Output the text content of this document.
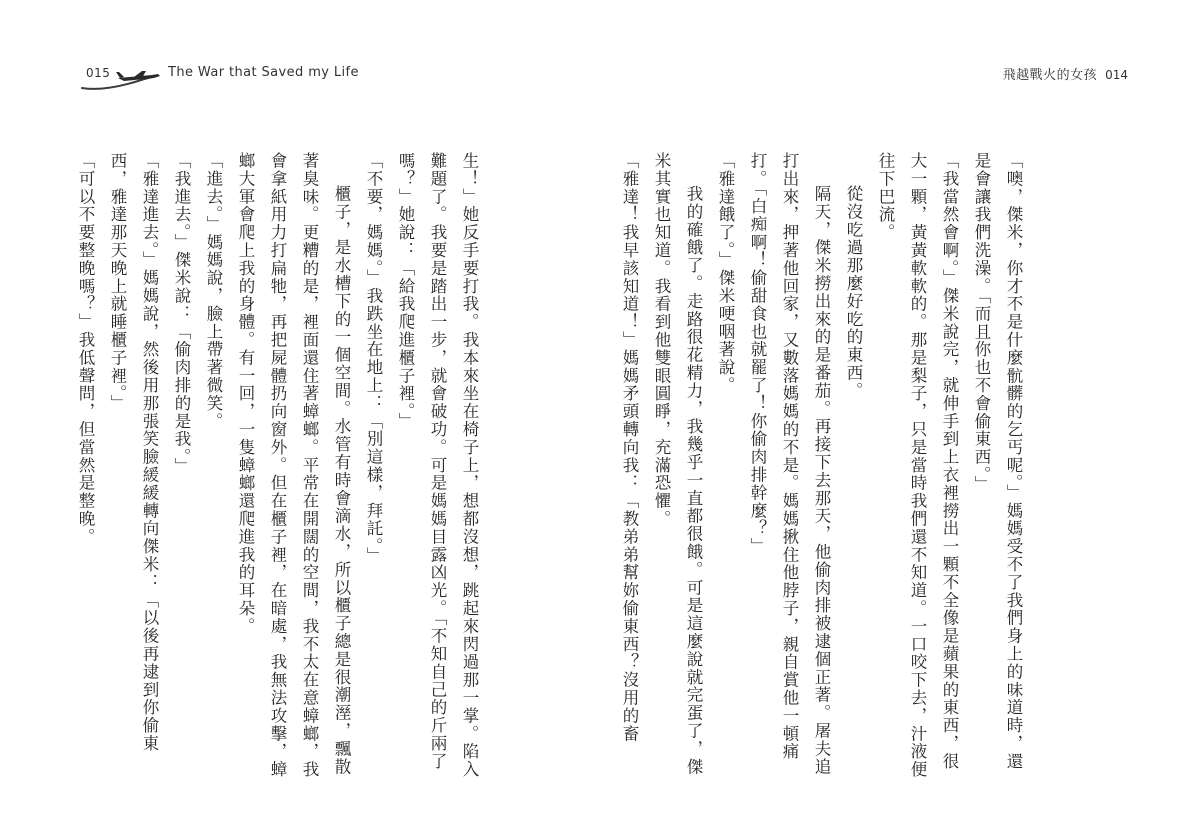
015	The War that Saved my Life	飛越戰火的女孩 014

「噢，傑米，你才不是什麼骯髒的乞丐呢。」媽媽受不了我們身上的味道時，還是會讓我們洗澡。「而且你也不會偷東西。」

「我當然會啊。」傑米說完，就伸手到上衣裡撈出一顆不全像是蘋果的東西，很大一顆，黃黃軟軟的。那是梨子，只是當時我們還不知道。一口咬下去，汁液便往下巴流。

從沒吃過那麼好吃的東西。

隔天，傑米撈出來的是番茄。再接下去那天，他偷肉排被逮個正著。屠夫追打出來，押著他回家，又數落媽媽的不是。媽媽揪住他脖子，親自賞他一頓痛打。「白痴啊！偷甜食也就罷了！你偷肉排幹麼？」

「雅達餓了。」傑米哽咽著說。

我的確餓了。走路很花精力，我幾乎一直都很餓。可是這麼說就完蛋了，傑米其實也知道。我看到他雙眼圓睜，充滿恐懼。

「雅達！我早該知道！」媽媽矛頭轉向我：「教弟弟幫妳偷東西？沒用的畜

生！」她反手要打我。我本來坐在椅子上，想都沒想，跳起來閃過那一掌。陷入難題了。我要是踏出一步，就會破功。可是媽媽目露凶光。「不知自己的斤兩了嗎？」她說：「給我爬進櫃子裡。」

「不要，媽媽。」我跌坐在地上：「別這樣，拜託。」

櫃子，是水槽下的一個空間。水管有時會滴水，所以櫃子總是很潮溼，飄散著臭味。更糟的是，裡面還住著蟑螂。平常在開闊的空間，我不太在意蟑螂，我會拿紙用力打扁牠，再把屍體扔向窗外。但在櫃子裡，在暗處，我無法攻擊，蟑螂大軍會爬上我的身體。有一回，一隻蟑螂還爬進我的耳朵。

「進去。」媽媽說，臉上帶著微笑。

「我進去。」傑米說：「偷肉排的是我。」

「雅達進去。」媽媽說，然後用那張笑臉緩緩轉向傑米：「以後再逮到你偷東西，雅達那天晚上就睡櫃子裡。」

「可以不要整晚嗎？」我低聲問，但當然是整晚。
